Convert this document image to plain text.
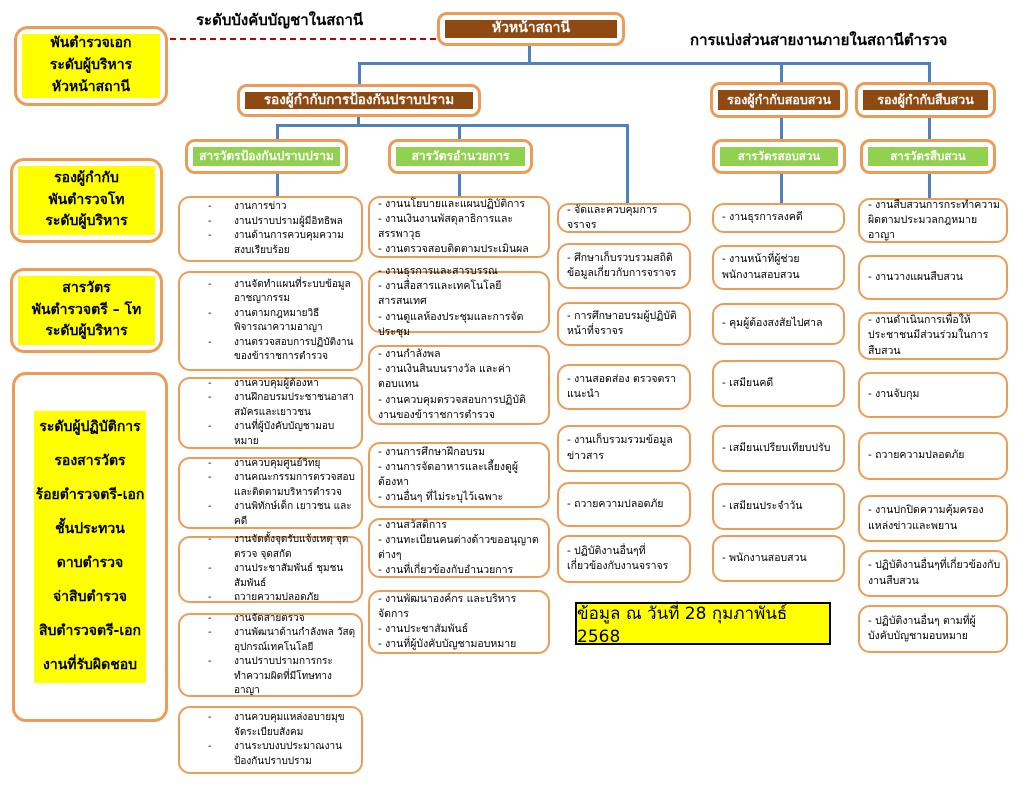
ระดับบังคับบัญชาในสถานี
การแบ่งส่วนสายงานภายในสถานีตำรวจ
พันตำรวจเอก
ระดับผู้บริหาร
หัวหน้าสถานี
รองผู้กำกับ
พันตำรวจโท
ระดับผู้บริหาร
สารวัตร
พันตำรวจตรี – โท
ระดับผู้บริหาร
ระดับผู้ปฏิบัติการ
รองสารวัตร
ร้อยตำรวจตรี-เอก
ชั้นประทวน
ดาบตำรวจ
จ่าสิบตำรวจ
สิบตำรวจตรี-เอก
งานที่รับผิดชอบ
หัวหน้าสถานี
รองผู้กำกับการป้องกันปราบปราม	รองผู้กำกับสอบสวน	รองผู้กำกับสืบสวน
สารวัตรป้องกันปราบปราม	สารวัตรอำนวยการ	สารวัตรสอบสวน	สารวัตรสืบสวน
-	งานการข่าว
-	งานปราบปรามผู้มีอิทธิพล
-	งานด้านการควบคุมความสงบเรียบร้อย
-	งานจัดทำแผนที่ระบบข้อมูลอาชญากรรม
-	งานตามกฎหมายวิธีพิจารณาความอาญา
-	งานตรวจสอบการปฏิบัติงานของข้าราชการตำรวจ
-	งานควบคุมผู้ต้องหา
-	งานฝึกอบรมประชาชนอาสาสมัครและเยาวชน
-	งานที่ผู้บังคับบัญชามอบหมาย
-	งานควบคุมศูนย์วิทยุ
-	งานคณะกรรมการตรวจสอบและติดตามบริหารตำรวจ
-	งานพิทักษ์เด็ก เยาวชน และคดี
-	งานจัดตั้งจุดรับแจ้งเหตุ จุดตรวจ จุดสกัด
-	งานประชาสัมพันธ์ ชุมชนสัมพันธ์
-	ถวายความปลอดภัย
-	งานจัดสายตรวจ
-	งานพัฒนาด้านกำลังพล วัสดุอุปกรณ์เทคโนโลยี
-	งานปราบปรามการกระทำความผิดที่มีโทษทางอาญา
-	งานควบคุมแหล่งอบายมุขจัดระเบียบสังคม
-	งานระบบงบประมาณงานป้องกันปราบปราม
- งานนโยบายและแผนปฏิบัติการ
- งานเงินงานพัสดุลาธิการและสรรพาวุธ
- งานตรวจสอบติดตามประเมินผล
- งานธุรการและสารบรรณ
- งานสื่อสารและเทคโนโลยีสารสนเทศ
- งานดูแลห้องประชุมและการจัดประชุม
- งานกำลังพล
- งานเงินสินบนรางวัล และค่าตอบแทน
- งานควบคุมตรวจสอบการปฏิบัติงานของข้าราชการตำรวจ
- งานการศึกษาฝึกอบรม
- งานการจัดอาหารและเลี้ยงดูผู้ต้องหา
- งานอื่นๆ ที่ไม่ระบุไว้เฉพาะ
- งานสวัสดิการ
- งานทะเบียนคนต่างด้าวขออนุญาตต่างๆ
- งานที่เกี่ยวข้องกับอำนวยการ
- งานพัฒนาองค์กร และบริหารจัดการ
- งานประชาสัมพันธ์
- งานที่ผู้บังคับบัญชามอบหมาย
- จัดและควบคุมการจราจร
- ศึกษาเก็บรวบรวมสถิติข้อมูลเกี่ยวกับการจราจร
- การศึกษาอบรมผู้ปฏิบัติหน้าที่จราจร
- งานสอดส่อง ตรวจตรา แนะนำ
- งานเก็บรวมรวมข้อมูลข่าวสาร
- ถวายความปลอดภัย
- ปฏิบัติงานอื่นๆที่เกี่ยวข้องกับงานจราจร
- งานธุรการลงคดี
- งานหน้าที่ผู้ช่วยพนักงานสอบสวน
- คุมผู้ต้องสงสัยไปศาล
- เสมียนคดี
- เสมียนเปรียบเทียบปรับ
- เสมียนประจำวัน
- พนักงานสอบสวน
- งานสืบสวนการกระทำความผิดตามประมวลกฎหมายอาญา
- งานวางแผนสืบสวน
- งานดำเนินการเพื่อให้ประชาชนมีส่วนร่วมในการสืบสวน
- งานจับกุม
- ถวายความปลอดภัย
- งานปกปิดความคุ้มครองแหล่งข่าวและพยาน
- ปฏิบัติงานอื่นๆที่เกี่ยวข้องกับงานสืบสวน
- ปฏิบัติงานอื่นๆ ตามที่ผู้บังคับบัญชามอบหมาย
ข้อมูล ณ วันที่ 28 กุมภาพันธ์ 2568
